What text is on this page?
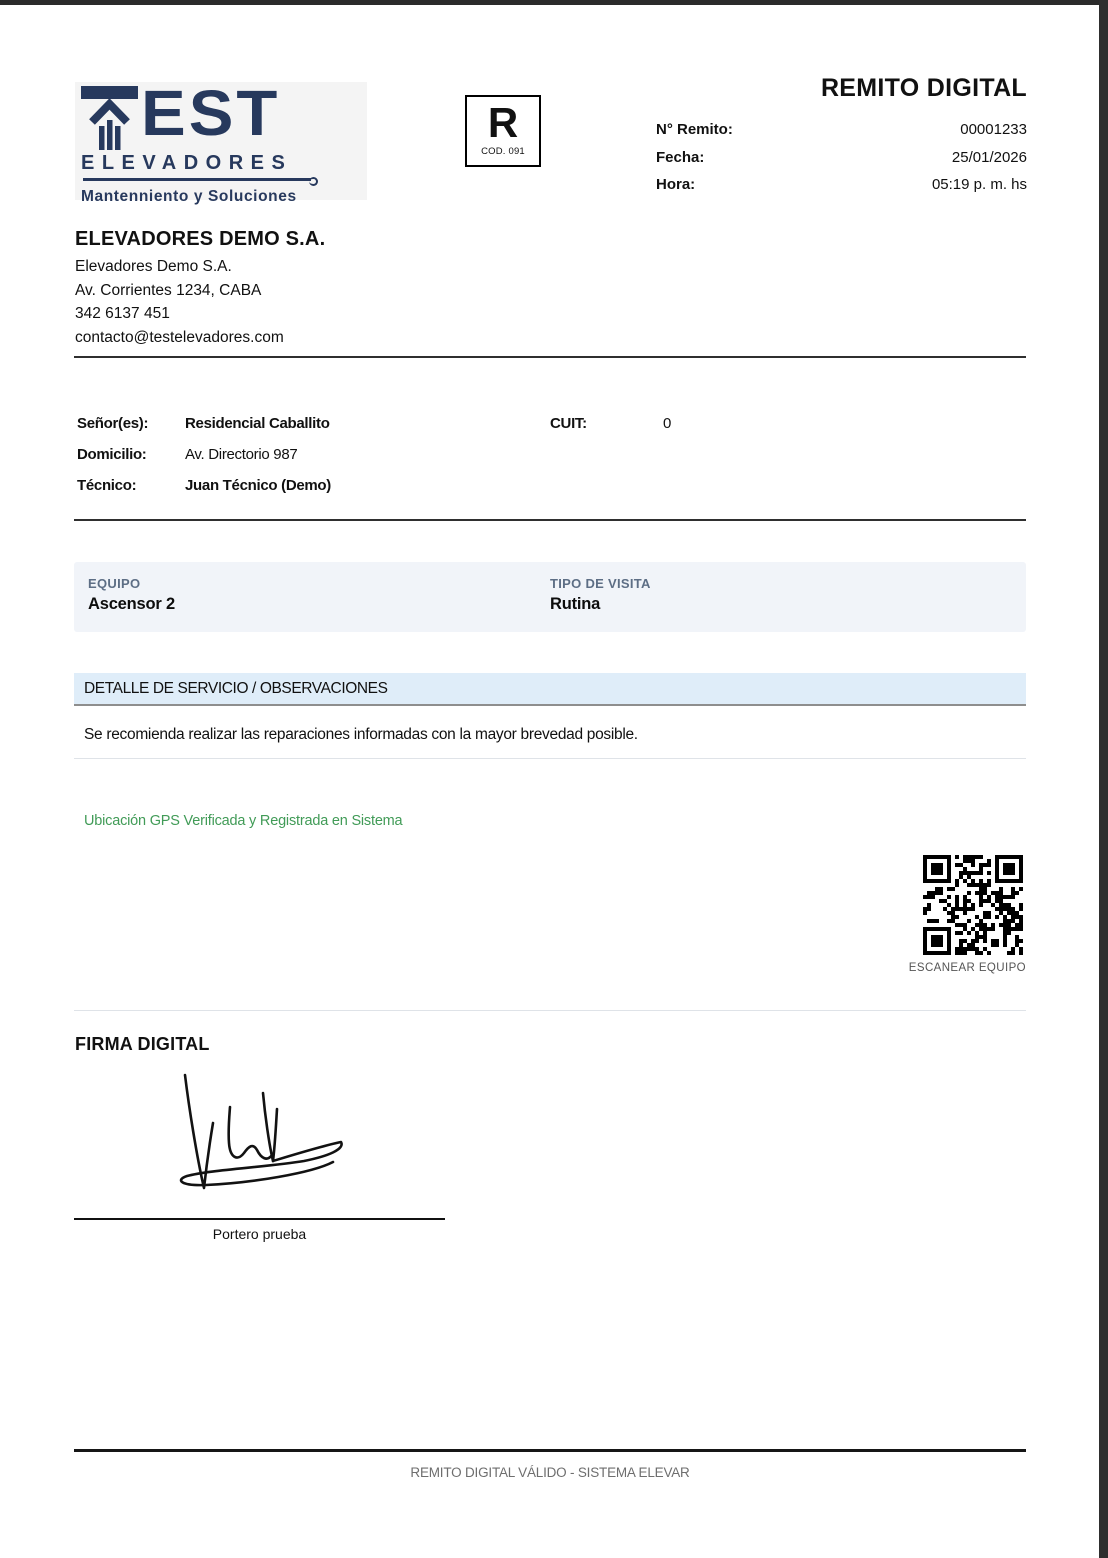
EST
ELEVADORES
Mantenniento y Soluciones
R
COD. 091
REMITO DIGITAL
N° Remito:	00001233
Fecha:	25/01/2026
Hora:	05:19 p. m. hs
ELEVADORES DEMO S.A.
Elevadores Demo S.A.
Av. Corrientes 1234, CABA
342 6137 451
contacto@testelevadores.com
Señor(es): Residencial Caballito	CUIT:	0
Domicilio:	Av. Directorio 987
Técnico:	Juan Técnico (Demo)
EQUIPO
Ascensor 2
TIPO DE VISITA
Rutina
DETALLE DE SERVICIO / OBSERVACIONES
Se recomienda realizar las reparaciones informadas con la mayor brevedad posible.
Ubicación GPS Verificada y Registrada en Sistema
ESCANEAR EQUIPO
FIRMA DIGITAL
Portero prueba
REMITO DIGITAL VÁLIDO - SISTEMA ELEVAR
